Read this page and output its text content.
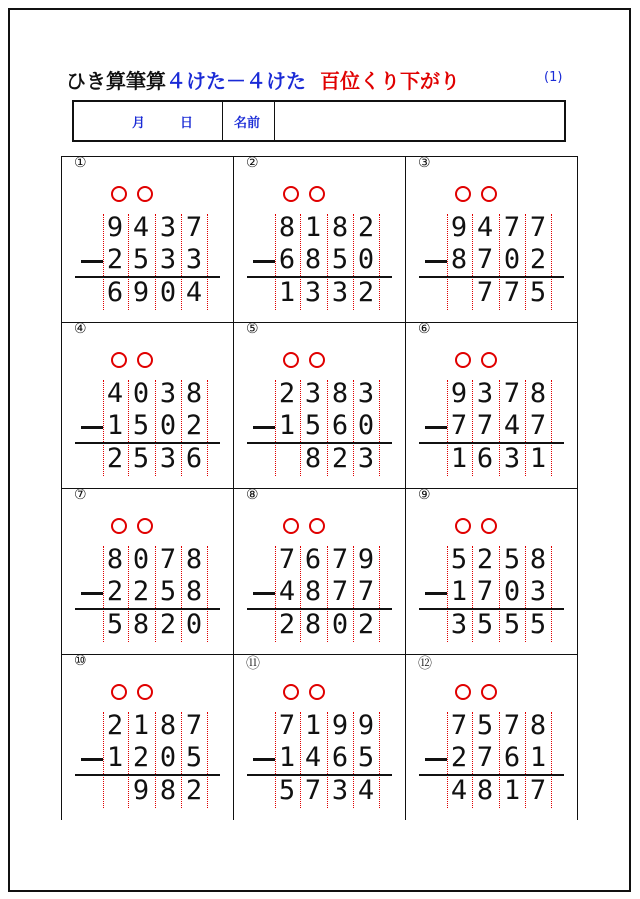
ひき算筆算４けた－４けた 百位くり下がり	(1)
月	日	名前
①
9 4 3 7
2 5 3 3
6 9 0 4
②
8 1 8 2
6 8 5 0
1 3 3 2
③
9 4 7 7
8 7 0 2
7 7 5
④
4 0 3 8
1 5 0 2
2 5 3 6
⑤
2 3 8 3
1 5 6 0
8 2 3
⑥
9 3 7 8
7 7 4 7
1 6 3 1
⑦
8 0 7 8
2 2 5 8
5 8 2 0
⑧
7 6 7 9
4 8 7 7
2 8 0 2
⑨
5 2 5 8
1 7 0 3
3 5 5 5
⑩
2 1 8 7
1 2 0 5
9 8 2
⑪
7 1 9 9
1 4 6 5
5 7 3 4
⑫
7 5 7 8
2 7 6 1
4 8 1 7
